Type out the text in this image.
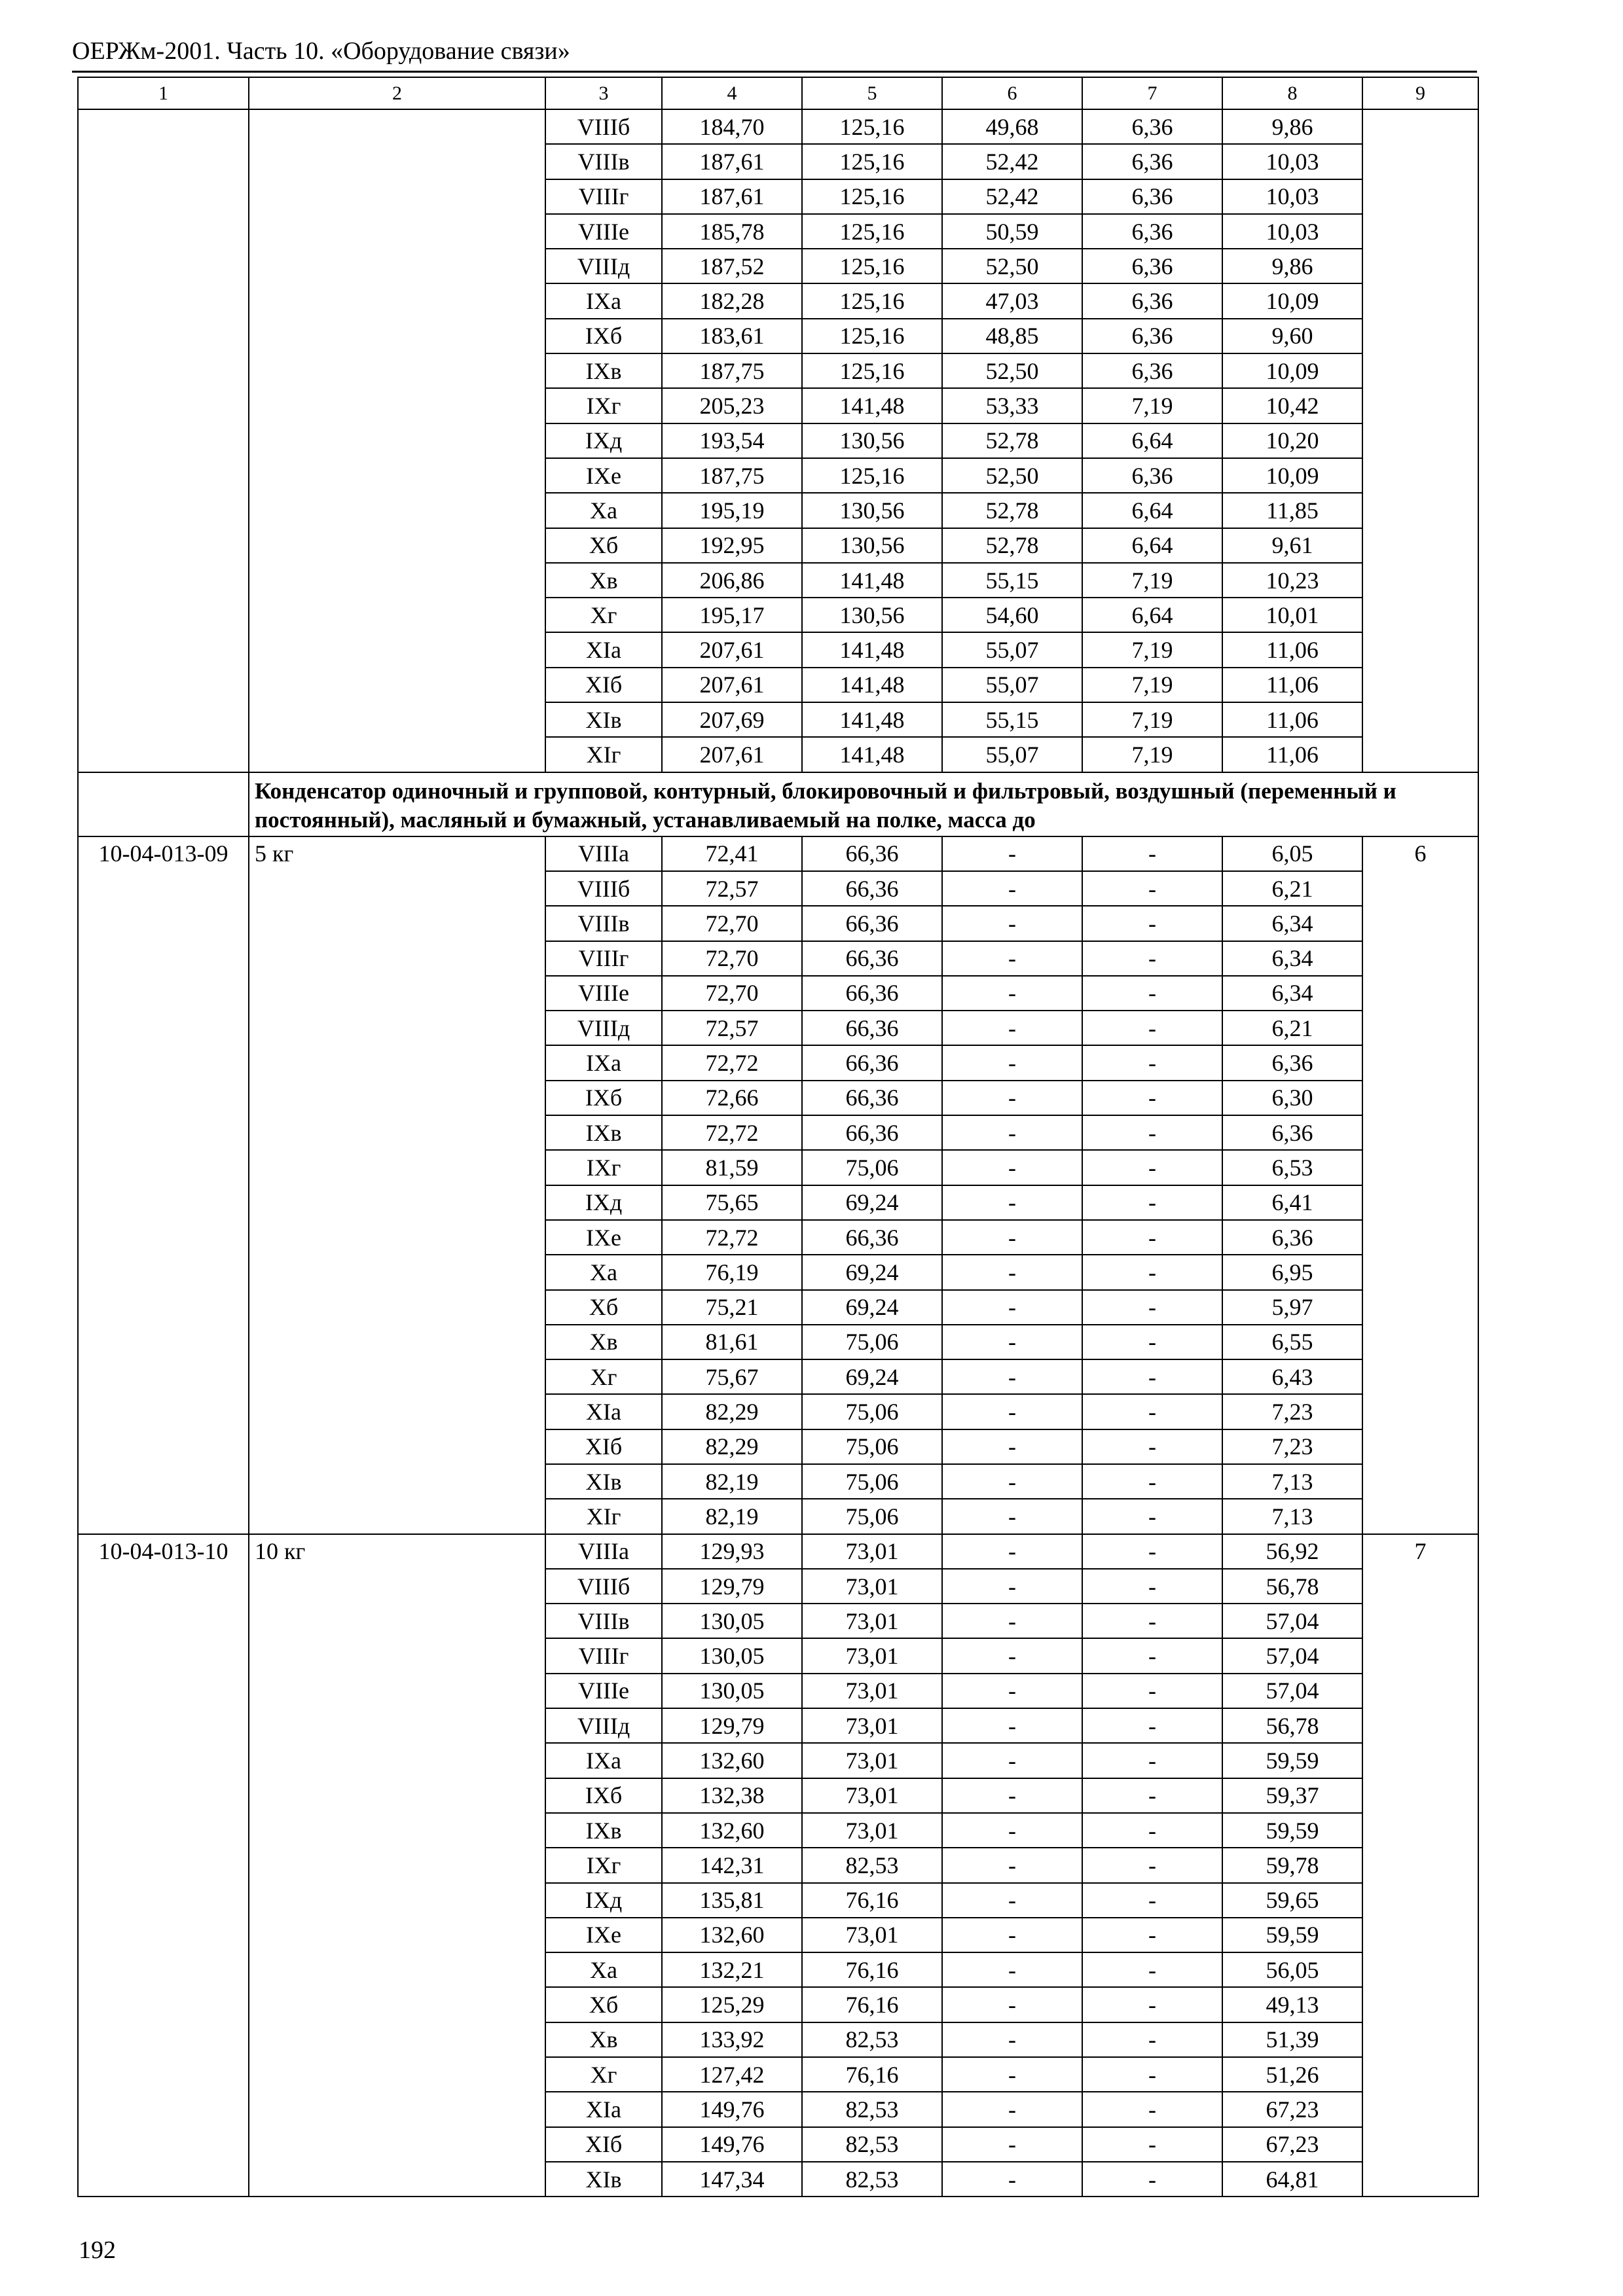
ОЕРЖм-2001. Часть 10. «Оборудование связи»
1	2	3	4	5	6	7	8	9
		VIIIб	184,70	125,16	49,68	6,36	9,86	
		VIIIв	187,61	125,16	52,42	6,36	10,03	
		VIIIг	187,61	125,16	52,42	6,36	10,03	
		VIIIе	185,78	125,16	50,59	6,36	10,03	
		VIIIд	187,52	125,16	52,50	6,36	9,86	
		IXа	182,28	125,16	47,03	6,36	10,09	
		IXб	183,61	125,16	48,85	6,36	9,60	
		IXв	187,75	125,16	52,50	6,36	10,09	
		IXг	205,23	141,48	53,33	7,19	10,42	
		IXд	193,54	130,56	52,78	6,64	10,20	
		IXе	187,75	125,16	52,50	6,36	10,09	
		Xа	195,19	130,56	52,78	6,64	11,85	
		Xб	192,95	130,56	52,78	6,64	9,61	
		Xв	206,86	141,48	55,15	7,19	10,23	
		Xг	195,17	130,56	54,60	6,64	10,01	
		XIа	207,61	141,48	55,07	7,19	11,06	
		XIб	207,61	141,48	55,07	7,19	11,06	
		XIв	207,69	141,48	55,15	7,19	11,06	
		XIг	207,61	141,48	55,07	7,19	11,06	
	Конденсатор одиночный и групповой, контурный, блокировочный и фильтровый, воздушный (переменный и постоянный), масляный и бумажный, устанавливаемый на полке, масса до							
10-04-013-09	5 кг	VIIIа	72,41	66,36	-	-	6,05	6
		VIIIб	72,57	66,36	-	-	6,21	
		VIIIв	72,70	66,36	-	-	6,34	
		VIIIг	72,70	66,36	-	-	6,34	
		VIIIе	72,70	66,36	-	-	6,34	
		VIIIд	72,57	66,36	-	-	6,21	
		IXа	72,72	66,36	-	-	6,36	
		IXб	72,66	66,36	-	-	6,30	
		IXв	72,72	66,36	-	-	6,36	
		IXг	81,59	75,06	-	-	6,53	
		IXд	75,65	69,24	-	-	6,41	
		IXе	72,72	66,36	-	-	6,36	
		Xа	76,19	69,24	-	-	6,95	
		Xб	75,21	69,24	-	-	5,97	
		Xв	81,61	75,06	-	-	6,55	
		Xг	75,67	69,24	-	-	6,43	
		XIа	82,29	75,06	-	-	7,23	
		XIб	82,29	75,06	-	-	7,23	
		XIв	82,19	75,06	-	-	7,13	
		XIг	82,19	75,06	-	-	7,13	
10-04-013-10	10 кг	VIIIа	129,93	73,01	-	-	56,92	7
		VIIIб	129,79	73,01	-	-	56,78	
		VIIIв	130,05	73,01	-	-	57,04	
		VIIIг	130,05	73,01	-	-	57,04	
		VIIIе	130,05	73,01	-	-	57,04	
		VIIIд	129,79	73,01	-	-	56,78	
		IXа	132,60	73,01	-	-	59,59	
		IXб	132,38	73,01	-	-	59,37	
		IXв	132,60	73,01	-	-	59,59	
		IXг	142,31	82,53	-	-	59,78	
		IXд	135,81	76,16	-	-	59,65	
		IXе	132,60	73,01	-	-	59,59	
		Xа	132,21	76,16	-	-	56,05	
		Xб	125,29	76,16	-	-	49,13	
		Xв	133,92	82,53	-	-	51,39	
		Xг	127,42	76,16	-	-	51,26	
		XIа	149,76	82,53	-	-	67,23	
		XIб	149,76	82,53	-	-	67,23	
		XIв	147,34	82,53	-	-	64,81	
192
